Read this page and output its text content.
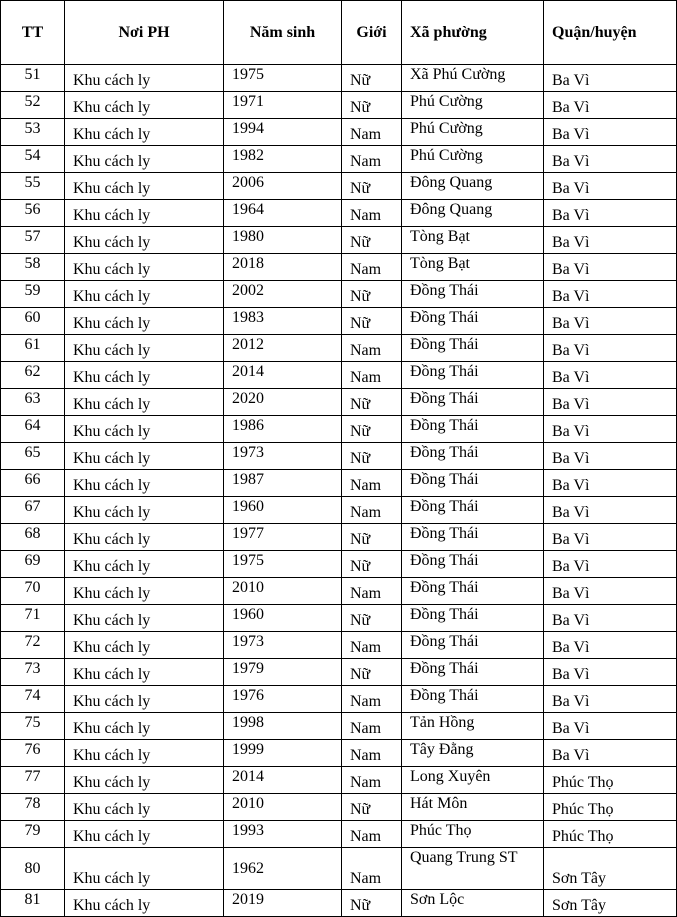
TT	Nơi PH	Năm sinh	Giới	Xã phường	Quận/huyện
51	Khu cách ly	1975	Nữ	Xã Phú Cường	Ba Vì
52	Khu cách ly	1971	Nữ	Phú Cường	Ba Vì
53	Khu cách ly	1994	Nam	Phú Cường	Ba Vì
54	Khu cách ly	1982	Nam	Phú Cường	Ba Vì
55	Khu cách ly	2006	Nữ	Đông Quang	Ba Vì
56	Khu cách ly	1964	Nam	Đông Quang	Ba Vì
57	Khu cách ly	1980	Nữ	Tòng Bạt	Ba Vì
58	Khu cách ly	2018	Nam	Tòng Bạt	Ba Vì
59	Khu cách ly	2002	Nữ	Đồng Thái	Ba Vì
60	Khu cách ly	1983	Nữ	Đồng Thái	Ba Vì
61	Khu cách ly	2012	Nam	Đồng Thái	Ba Vì
62	Khu cách ly	2014	Nam	Đồng Thái	Ba Vì
63	Khu cách ly	2020	Nữ	Đồng Thái	Ba Vì
64	Khu cách ly	1986	Nữ	Đồng Thái	Ba Vì
65	Khu cách ly	1973	Nữ	Đồng Thái	Ba Vì
66	Khu cách ly	1987	Nam	Đồng Thái	Ba Vì
67	Khu cách ly	1960	Nam	Đồng Thái	Ba Vì
68	Khu cách ly	1977	Nữ	Đồng Thái	Ba Vì
69	Khu cách ly	1975	Nữ	Đồng Thái	Ba Vì
70	Khu cách ly	2010	Nam	Đồng Thái	Ba Vì
71	Khu cách ly	1960	Nữ	Đồng Thái	Ba Vì
72	Khu cách ly	1973	Nam	Đồng Thái	Ba Vì
73	Khu cách ly	1979	Nữ	Đồng Thái	Ba Vì
74	Khu cách ly	1976	Nam	Đồng Thái	Ba Vì
75	Khu cách ly	1998	Nam	Tản Hồng	Ba Vì
76	Khu cách ly	1999	Nam	Tây Đằng	Ba Vì
77	Khu cách ly	2014	Nam	Long Xuyên	Phúc Thọ
78	Khu cách ly	2010	Nữ	Hát Môn	Phúc Thọ
79	Khu cách ly	1993	Nam	Phúc Thọ	Phúc Thọ
80	Khu cách ly	1962	Nam	Quang Trung ST	Sơn Tây
81	Khu cách ly	2019	Nữ	Sơn Lộc	Sơn Tây
